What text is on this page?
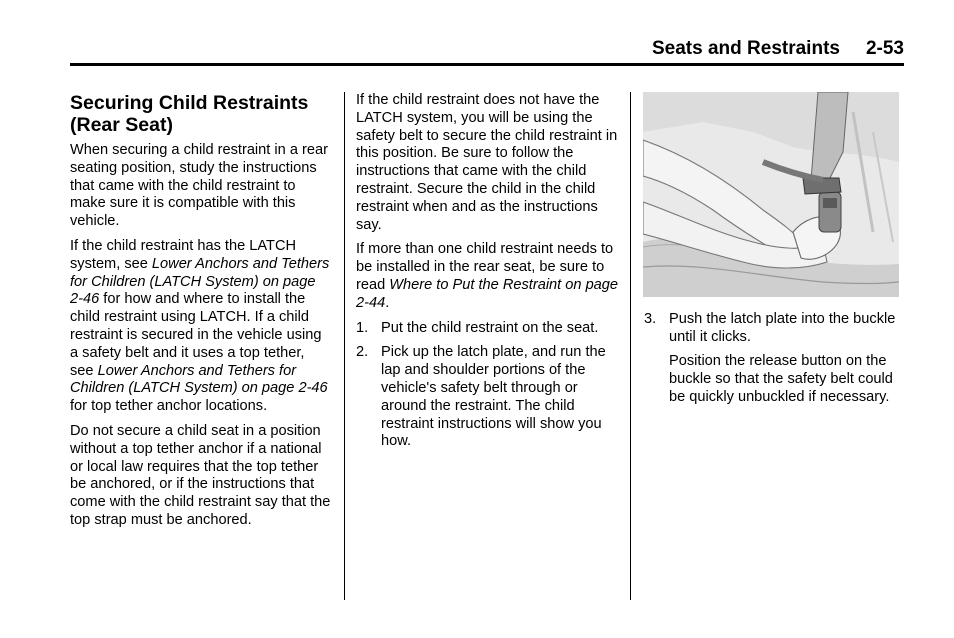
Seats and Restraints 2-53
Securing Child Restraints (Rear Seat)

When securing a child restraint in a rear seating position, study the instructions that came with the child restraint to make sure it is compatible with this vehicle.

If the child restraint has the LATCH system, see Lower Anchors and Tethers for Children (LATCH System) on page 2-46 for how and where to install the child restraint using LATCH. If a child restraint is secured in the vehicle using a safety belt and it uses a top tether, see Lower Anchors and Tethers for Children (LATCH System) on page 2-46 for top tether anchor locations.

Do not secure a child seat in a position without a top tether anchor if a national or local law requires that the top tether be anchored, or if the instructions that come with the child restraint say that the top strap must be anchored.

If the child restraint does not have the LATCH system, you will be using the safety belt to secure the child restraint in this position. Be sure to follow the instructions that came with the child restraint. Secure the child in the child restraint when and as the instructions say.

If more than one child restraint needs to be installed in the rear seat, be sure to read Where to Put the Restraint on page 2-44.

1. Put the child restraint on the seat.
2. Pick up the latch plate, and run the lap and shoulder portions of the vehicle's safety belt through or around the restraint. The child restraint instructions will show you how.
3. Push the latch plate into the buckle until it clicks.

Position the release button on the buckle so that the safety belt could be quickly unbuckled if necessary.
